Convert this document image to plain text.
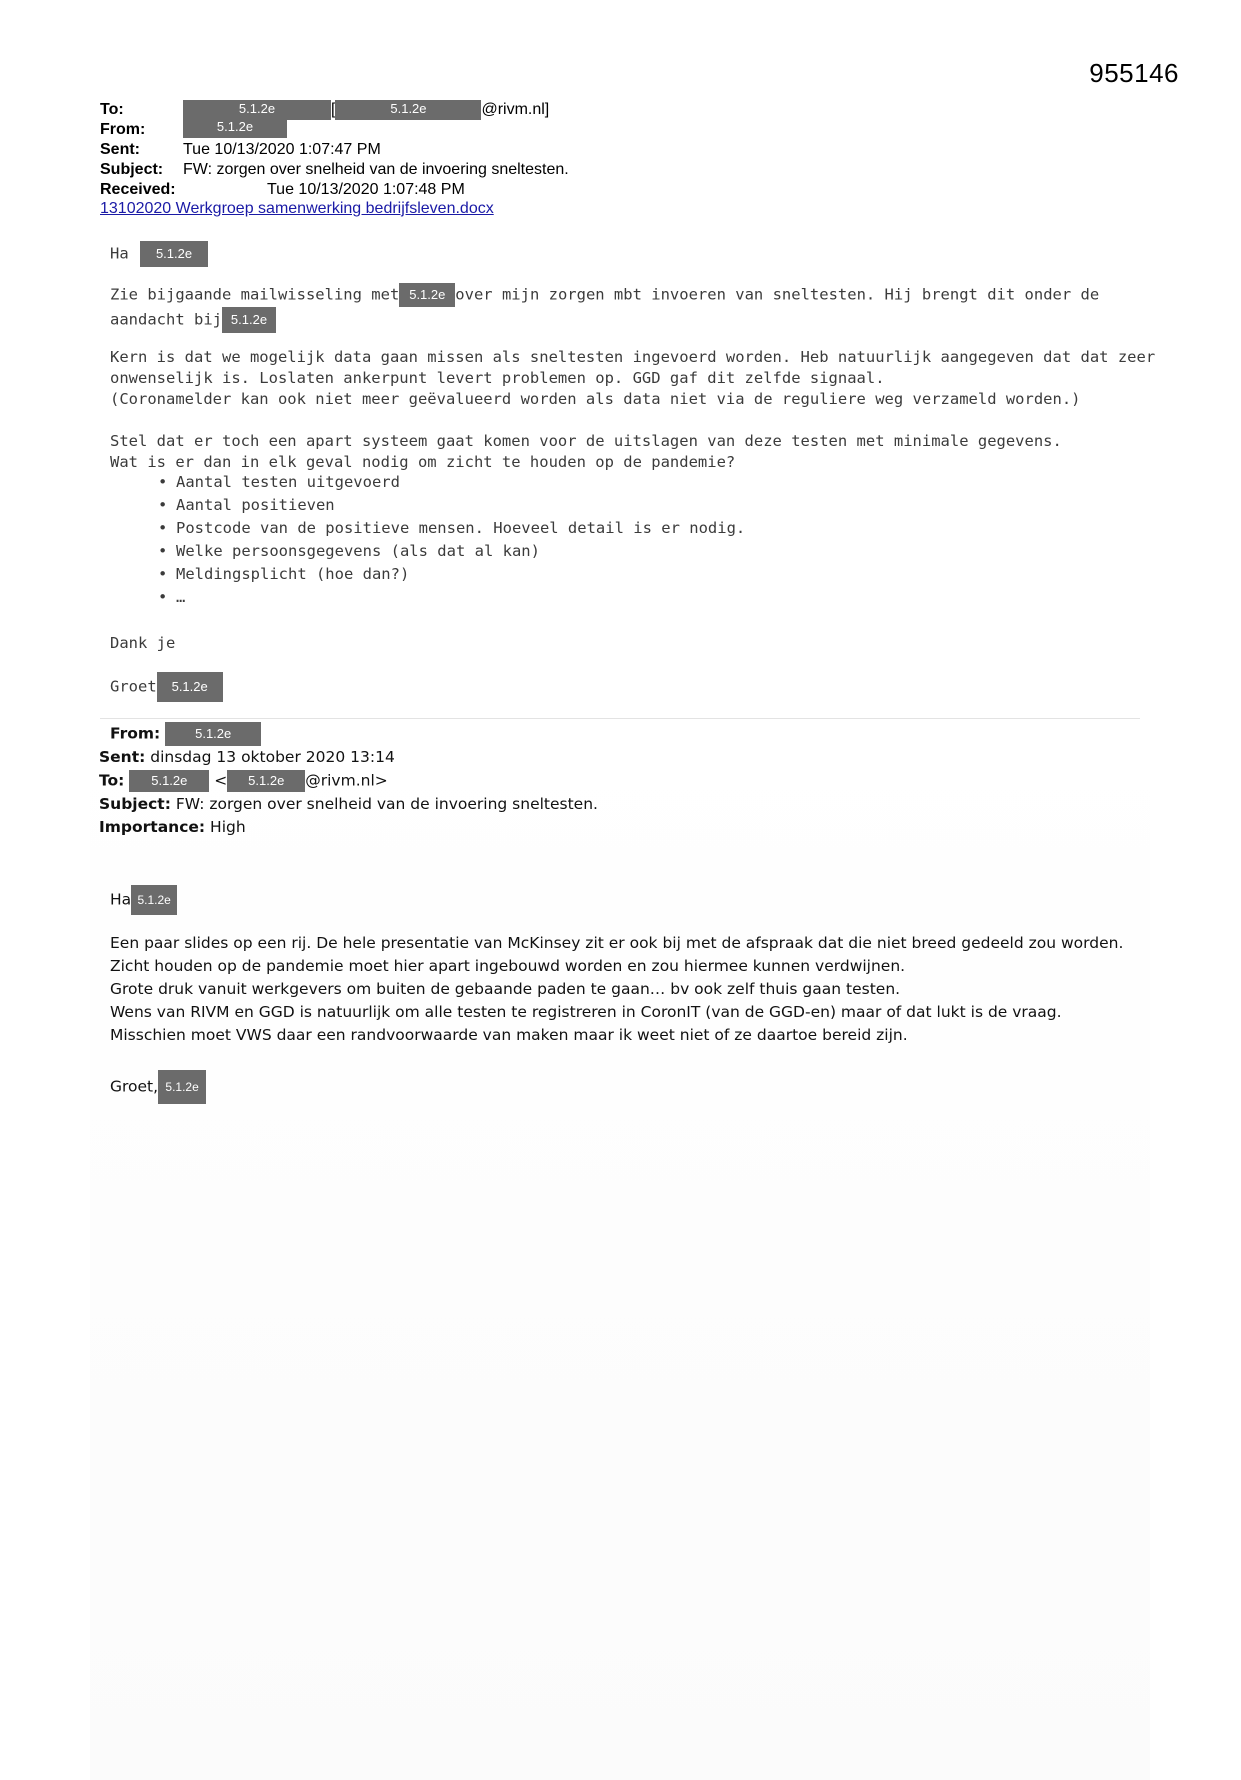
955146
To:	5.1.2e	[	5.1.2e	@rivm.nl]
From:	5.1.2e
Sent:	Tue 10/13/2020 1:07:47 PM
Subject: FW: zorgen over snelheid van de invoering sneltesten.
Received:	Tue 10/13/2020 1:07:48 PM
13102020 Werkgroep samenwerking bedrijfsleven.docx
Ha 5.1.2e

Zie bijgaande mailwisseling met 5.1.2e over mijn zorgen mbt invoeren van sneltesten. Hij brengt dit onder de

aandacht bij 5.1.2e

Kern is dat we mogelijk data gaan missen als sneltesten ingevoerd worden. Heb natuurlijk aangegeven dat dat zeer

onwenselijk is. Loslaten ankerpunt levert problemen op. GGD gaf dit zelfde signaal.

(Coronamelder kan ook niet meer geëvalueerd worden als data niet via de reguliere weg verzameld worden.)

Stel dat er toch een apart systeem gaat komen voor de uitslagen van deze testen met minimale gegevens.

Wat is er dan in elk geval nodig om zicht te houden op de pandemie?

• Aantal testen uitgevoerd
• Aantal positieven
• Postcode van de positieve mensen. Hoeveel detail is er nodig.
• Welke persoonsgegevens (als dat al kan)
• Meldingsplicht (hoe dan?)
• …
Dank je
Groet 5.1.2e
From:	5.1.2e
Sent: dinsdag 13 oktober 2020 13:14
To: 5.1.2e < 5.1.2e @rivm.nl>
Subject: FW: zorgen over snelheid van de invoering sneltesten.
Importance: High
Ha 5.1.2e
Een paar slides op een rij. De hele presentatie van McKinsey zit er ook bij met de afspraak dat die niet breed gedeeld zou worden.
Zicht houden op de pandemie moet hier apart ingebouwd worden en zou hiermee kunnen verdwijnen.
Grote druk vanuit werkgevers om buiten de gebaande paden te gaan… bv ook zelf thuis gaan testen.
Wens van RIVM en GGD is natuurlijk om alle testen te registreren in CoronIT (van de GGD-en) maar of dat lukt is de vraag.
Misschien moet VWS daar een randvoorwaarde van maken maar ik weet niet of ze daartoe bereid zijn.
Groet, 5.1.2e
